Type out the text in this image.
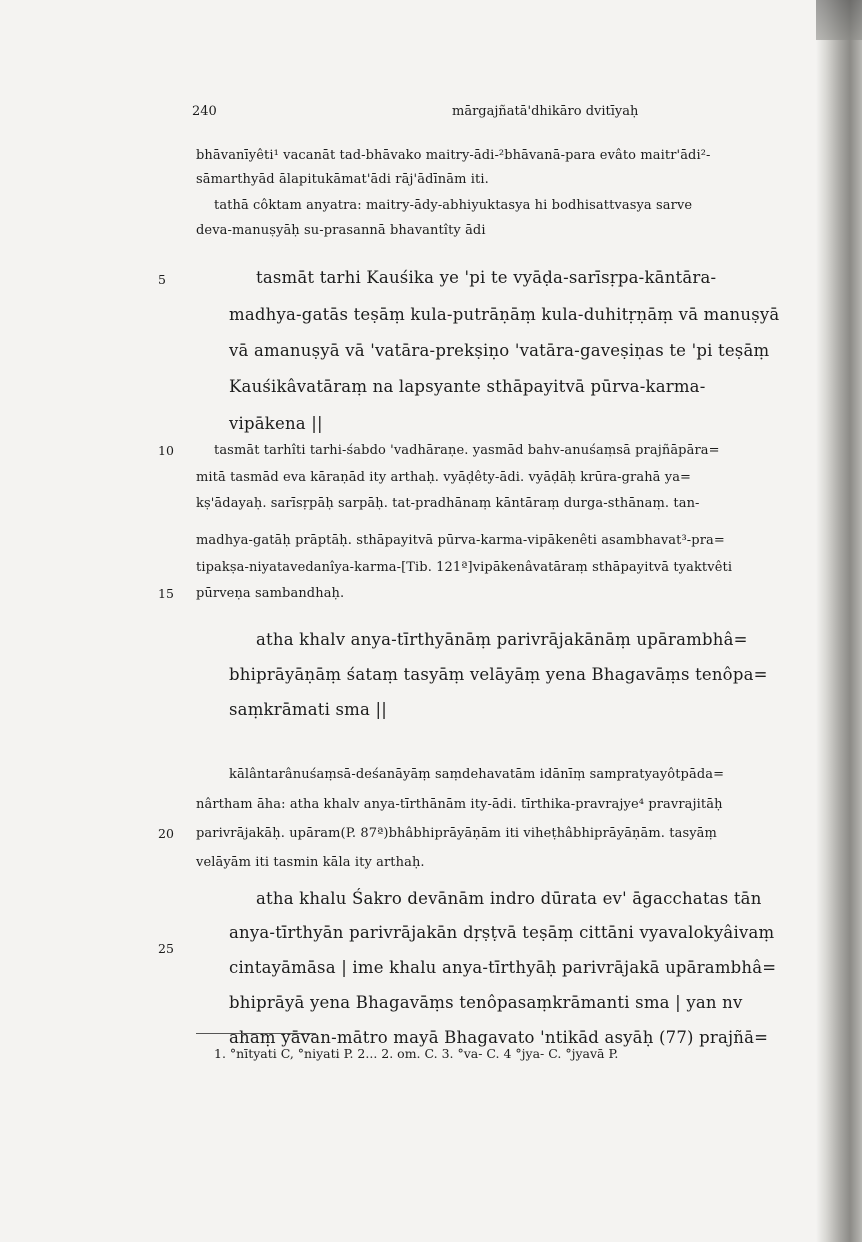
240	mārgajñatā'dhikāro dvitīyaḥ
5
10
15
20
25
bhāvanīyêti¹ vacanāt tad-bhāvako maitry-ādi-²bhāvanā-para evâto maitr'ādi²-
sāmarthyād ālapitukāmat'ādi rāj'ādīnām iti.
tathā côktam anyatra: maitry-ādy-abhiyuktasya hi bodhisattvasya sarve
deva-manuṣyāḥ su-prasannā bhavantîty ādi
tasmāt tarhi Kauśika ye 'pi te vyāḍa-sarīsṛpa-kāntāra-
madhya-gatās teṣāṃ kula-putrāṇāṃ kula-duhitṛṇāṃ vā manuṣyā
vā amanuṣyā vā 'vatāra-prekṣiṇo 'vatāra-gaveṣiṇas te 'pi teṣāṃ
Kauśikâvatāraṃ na lapsyante sthāpayitvā pūrva-karma-
vipākena ||
tasmāt tarhîti tarhi-śabdo 'vadhāraṇe. yasmād bahv-anuśaṃsā prajñāpāra=
mitā tasmād eva kāraṇād ity arthaḥ. vyāḍêty-ādi. vyāḍāḥ krūra-grahā ya=
kṣ'ādayaḥ. sarīsṛpāḥ sarpāḥ. tat-pradhānaṃ kāntāraṃ durga-sthānaṃ. tan-
madhya-gatāḥ prāptāḥ. sthāpayitvā pūrva-karma-vipākenêti asambhavat³-pra=
tipakṣa-niyatavedanîya-karma-[Tib. 121ª]vipākenâvatāraṃ sthāpayitvā tyaktvêti
pūrveṇa sambandhaḥ.
atha khalv anya-tīrthyānāṃ parivrājakānāṃ upārambhâ=
bhiprāyāṇāṃ śataṃ tasyāṃ velāyāṃ yena Bhagavāṃs tenôpa=
saṃkrāmati sma ||
kālântarânuśaṃsā-deśanāyāṃ saṃdehavatām idānīṃ sampratyayôtpāda=
nârtham āha: atha khalv anya-tīrthānām ity-ādi. tīrthika-pravrajye⁴ pravrajitāḥ
parivrājakāḥ. upāram(P. 87ª)bhâbhiprāyāṇām iti viheṭhâbhiprāyāṇām. tasyāṃ
velāyām iti tasmin kāla ity arthaḥ.
atha khalu Śakro devānām indro dūrata ev' āgacchatas tān
anya-tīrthyān parivrājakān dṛṣṭvā teṣāṃ cittāni vyavalokyâivaṃ
cintayāmāsa | ime khalu anya-tīrthyāḥ parivrājakā upārambhâ=
bhiprāyā yena Bhagavāṃs tenôpasaṃkrāmanti sma | yan nv
ahaṃ yāvan-mātro mayā Bhagavato 'ntikād asyāḥ (77) prajñā=
1. °nītyati C, °niyati P. 2... 2. om. C. 3. °va- C. 4 °jya- C. °jyavā P.
